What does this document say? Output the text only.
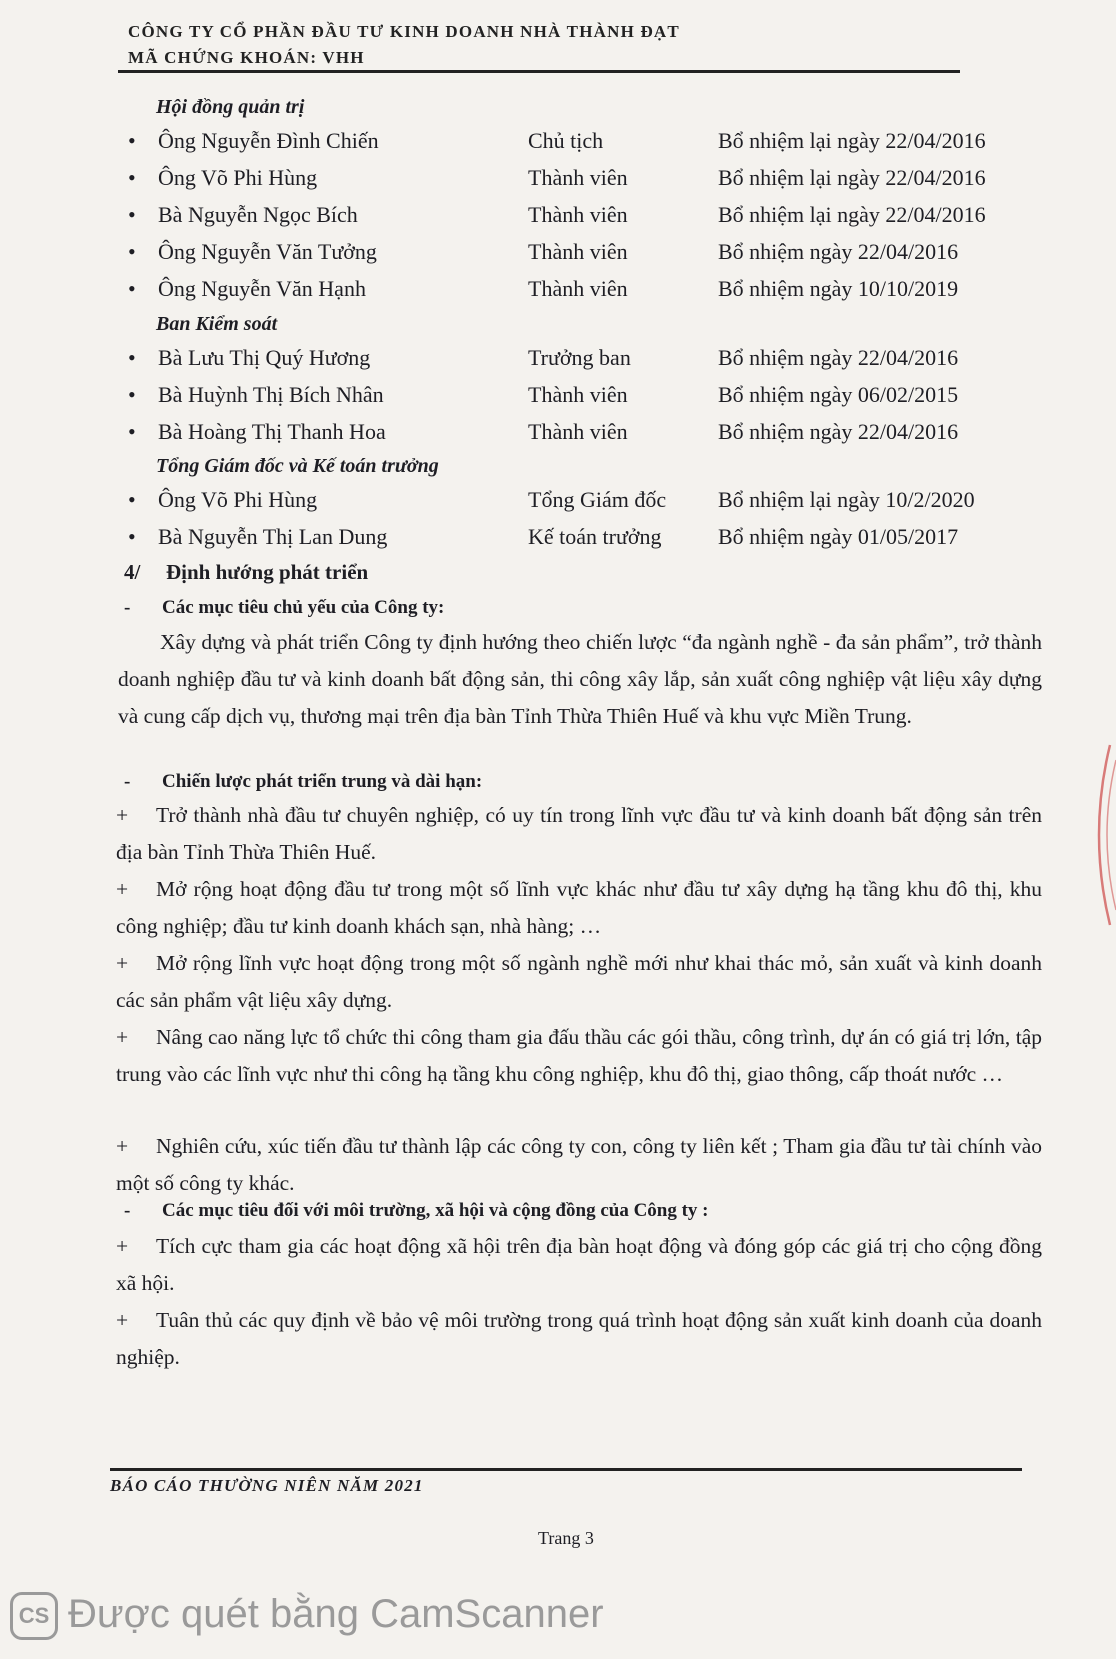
CÔNG TY CỔ PHẦN ĐẦU TƯ KINH DOANH NHÀ THÀNH ĐẠT
MÃ CHỨNG KHOÁN: VHH
Hội đồng quản trị
• Ông Nguyễn Đình Chiến	Chủ tịch	Bổ nhiệm lại ngày 22/04/2016
• Ông Võ Phi Hùng	Thành viên	Bổ nhiệm lại ngày 22/04/2016
• Bà Nguyễn Ngọc Bích	Thành viên	Bổ nhiệm lại ngày 22/04/2016
• Ông Nguyễn Văn Tưởng	Thành viên	Bổ nhiệm ngày 22/04/2016
• Ông Nguyễn Văn Hạnh	Thành viên	Bổ nhiệm ngày 10/10/2019
Ban Kiểm soát
• Bà Lưu Thị Quý Hương	Trưởng ban	Bổ nhiệm ngày 22/04/2016
• Bà Huỳnh Thị Bích Nhân	Thành viên	Bổ nhiệm ngày 06/02/2015
• Bà Hoàng Thị Thanh Hoa	Thành viên	Bổ nhiệm ngày 22/04/2016
Tổng Giám đốc và Kế toán trưởng
• Ông Võ Phi Hùng	Tổng Giám đốc Bổ nhiệm lại ngày 10/2/2020
• Bà Nguyễn Thị Lan Dung	Kế toán trưởng	Bổ nhiệm ngày 01/05/2017
4/ Định hướng phát triển
- Các mục tiêu chủ yếu của Công ty:
Xây dựng và phát triển Công ty định hướng theo chiến lược “đa ngành nghề - đa sản phẩm”, trở thành doanh nghiệp đầu tư và kinh doanh bất động sản, thi công xây lắp, sản xuất công nghiệp vật liệu xây dựng và cung cấp dịch vụ, thương mại trên địa bàn Tỉnh Thừa Thiên Huế và khu vực Miền Trung.
- Chiến lược phát triển trung và dài hạn:
+ Trở thành nhà đầu tư chuyên nghiệp, có uy tín trong lĩnh vực đầu tư và kinh doanh bất động sản trên địa bàn Tỉnh Thừa Thiên Huế.
+ Mở rộng hoạt động đầu tư trong một số lĩnh vực khác như đầu tư xây dựng hạ tầng khu đô thị, khu công nghiệp; đầu tư kinh doanh khách sạn, nhà hàng; …
+ Mở rộng lĩnh vực hoạt động trong một số ngành nghề mới như khai thác mỏ, sản xuất và kinh doanh các sản phẩm vật liệu xây dựng.
+ Nâng cao năng lực tổ chức thi công tham gia đấu thầu các gói thầu, công trình, dự án có giá trị lớn, tập trung vào các lĩnh vực như thi công hạ tầng khu công nghiệp, khu đô thị, giao thông, cấp thoát nước …
+ Nghiên cứu, xúc tiến đầu tư thành lập các công ty con, công ty liên kết ; Tham gia đầu tư tài chính vào một số công ty khác.
- Các mục tiêu đối với môi trường, xã hội và cộng đồng của Công ty :
+ Tích cực tham gia các hoạt động xã hội trên địa bàn hoạt động và đóng góp các giá trị cho cộng đồng xã hội.
+ Tuân thủ các quy định về bảo vệ môi trường trong quá trình hoạt động sản xuất kinh doanh của doanh nghiệp.
BÁO CÁO THƯỜNG NIÊN NĂM 2021
Trang 3
CS Được quét bằng CamScanner
